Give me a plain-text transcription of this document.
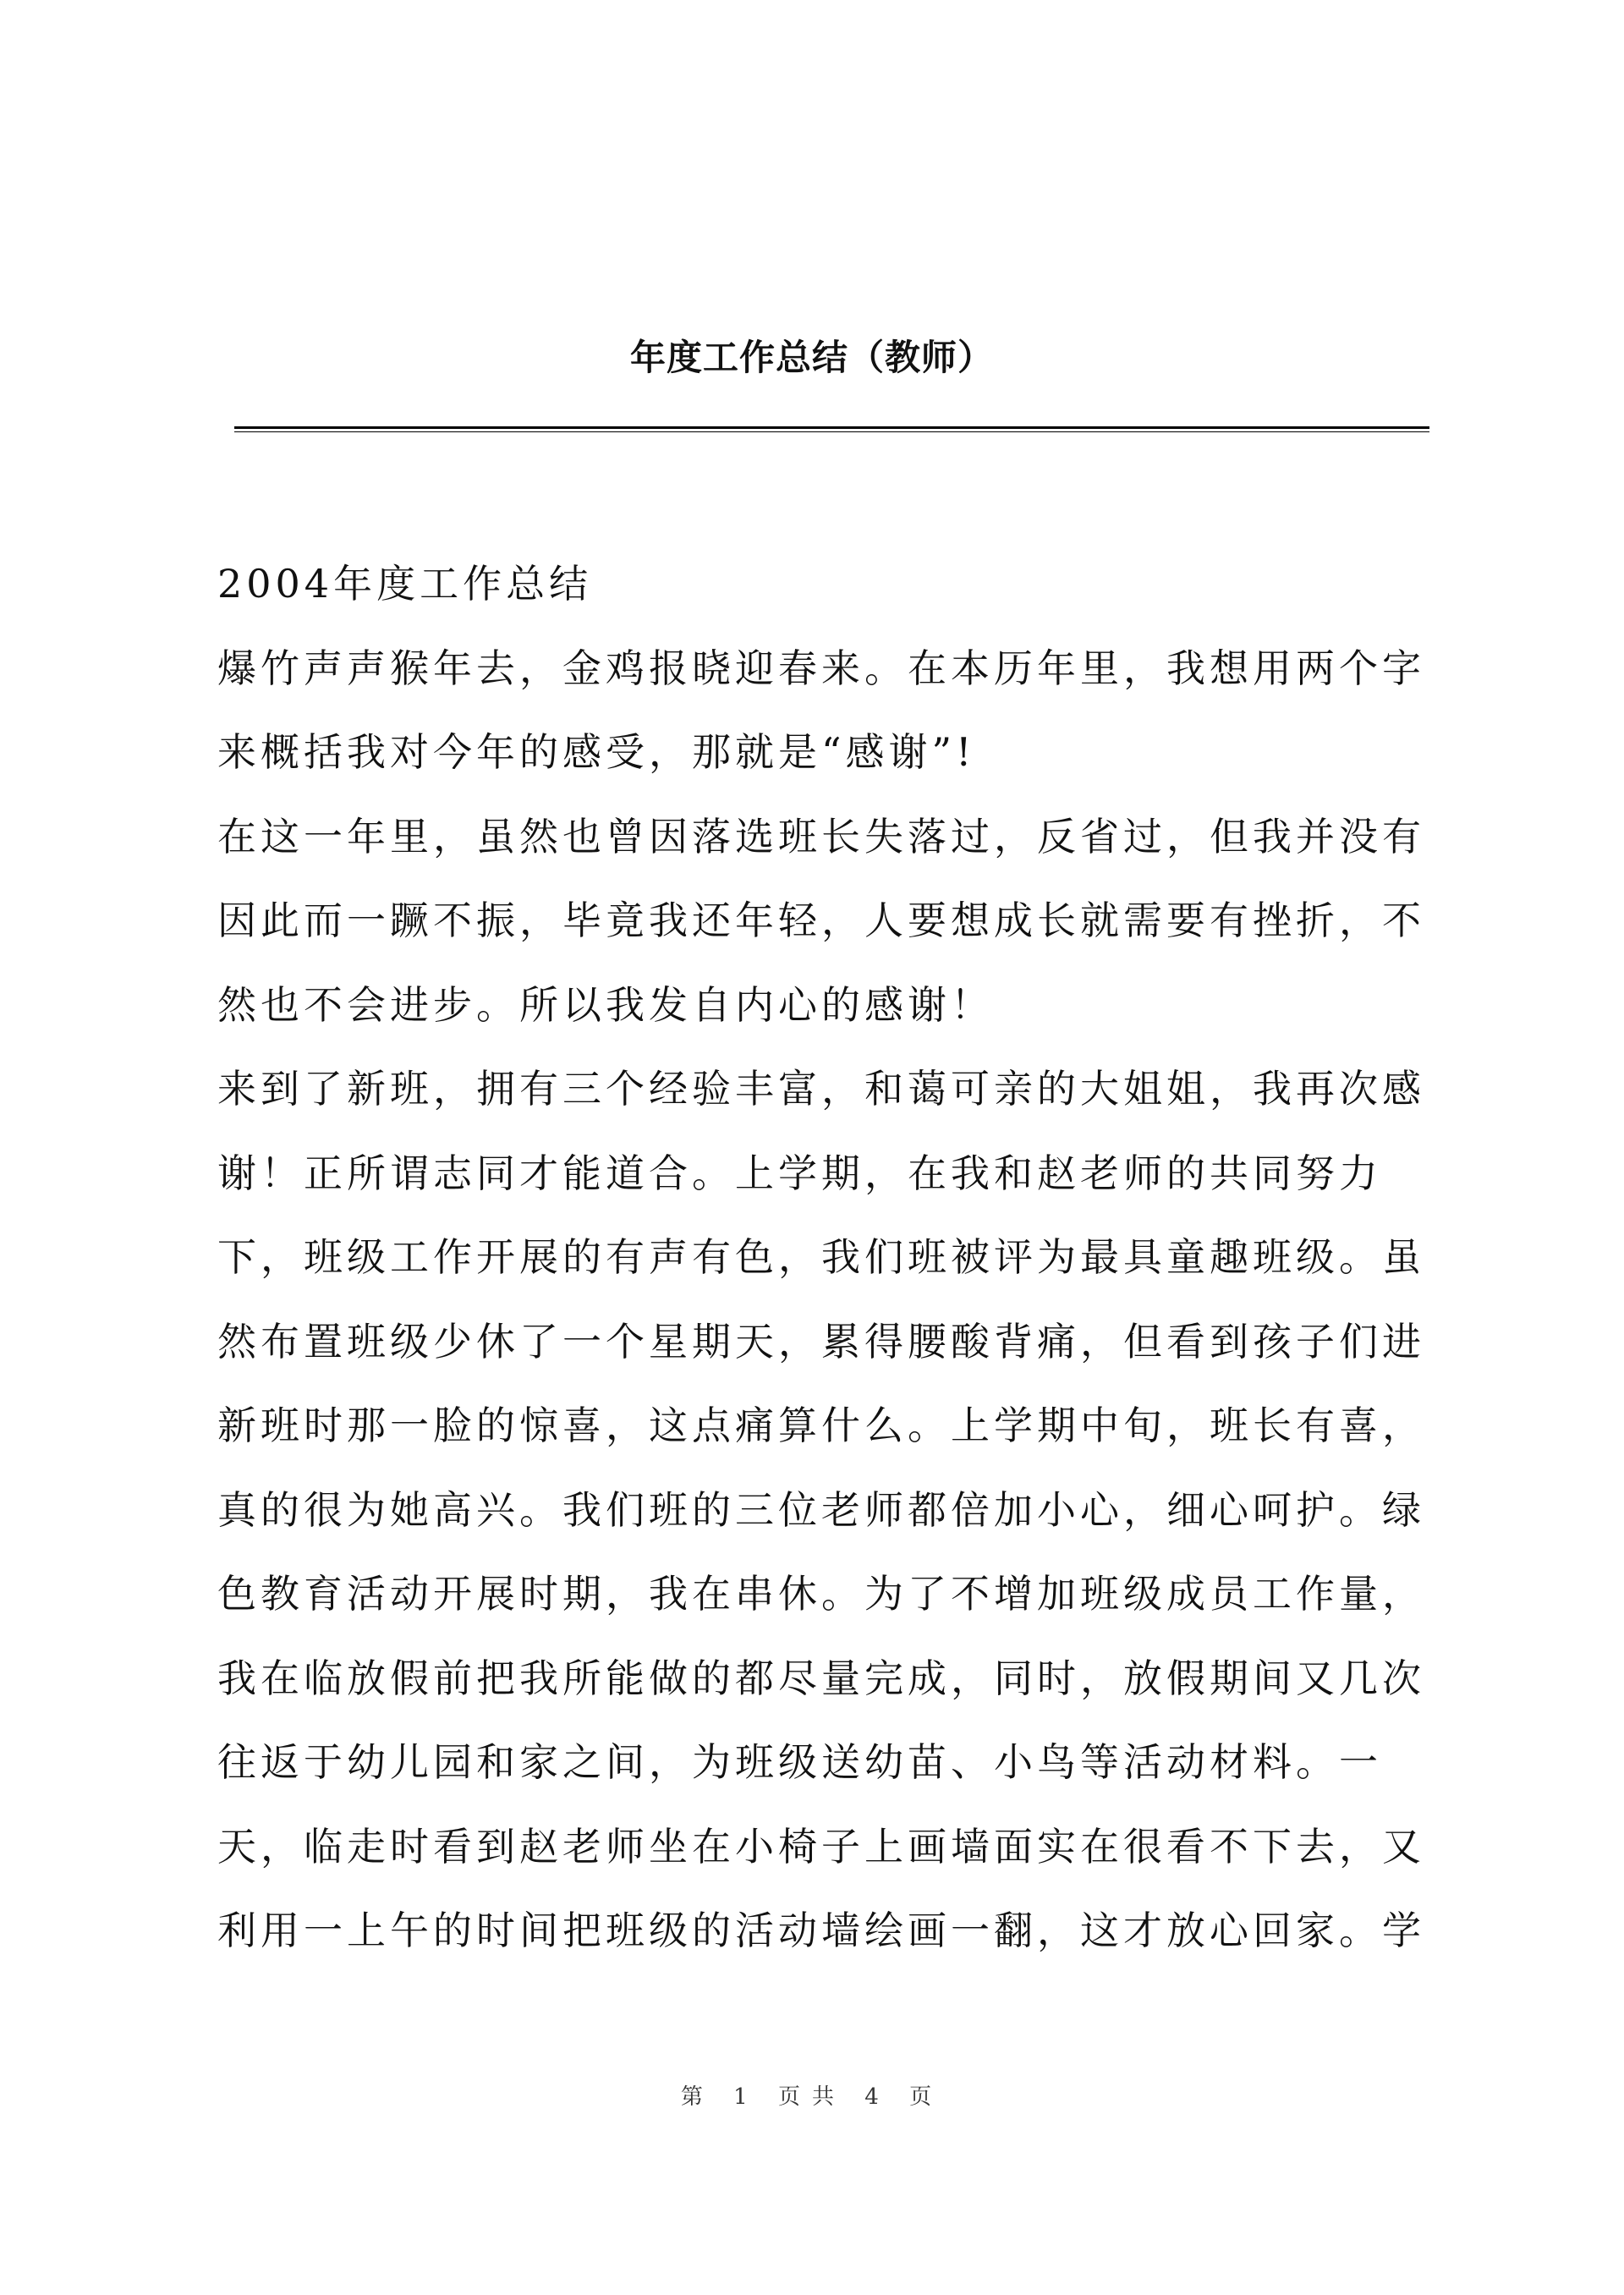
年度工作总结（教师）
2004年度工作总结
爆竹声声猴年去，金鸡报晓迎春来。在本历年里，我想用两个字
来概括我对今年的感受，那就是“感谢”!
在这一年里，虽然也曾因落选班长失落过，反省过，但我并没有
因此而一蹶不振，毕竟我还年轻，人要想成长就需要有挫折，不
然也不会进步。所以我发自内心的感谢！
来到了新班，拥有三个经验丰富，和蔼可亲的大姐姐，我再次感
谢！正所谓志同才能道合。上学期，在我和赵老师的共同努力
下，班级工作开展的有声有色，我们班被评为最具童趣班级。虽
然布置班级少休了一个星期天，累得腰酸背痛，但看到孩子们进
新班时那一脸的惊喜，这点痛算什么。上学期中旬，班长有喜，
真的很为她高兴。我们班的三位老师都倍加小心，细心呵护。绿
色教育活动开展时期，我在串休。为了不增加班级成员工作量，
我在临放假前把我所能做的都尽量完成，同时，放假期间又几次
往返于幼儿园和家之间，为班级送幼苗、小鸟等活动材料。一
天，临走时看到赵老师坐在小椅子上画墙面实在很看不下去，又
利用一上午的时间把班级的活动墙绘画一翻，这才放心回家。学
第 1 页共 4 页
